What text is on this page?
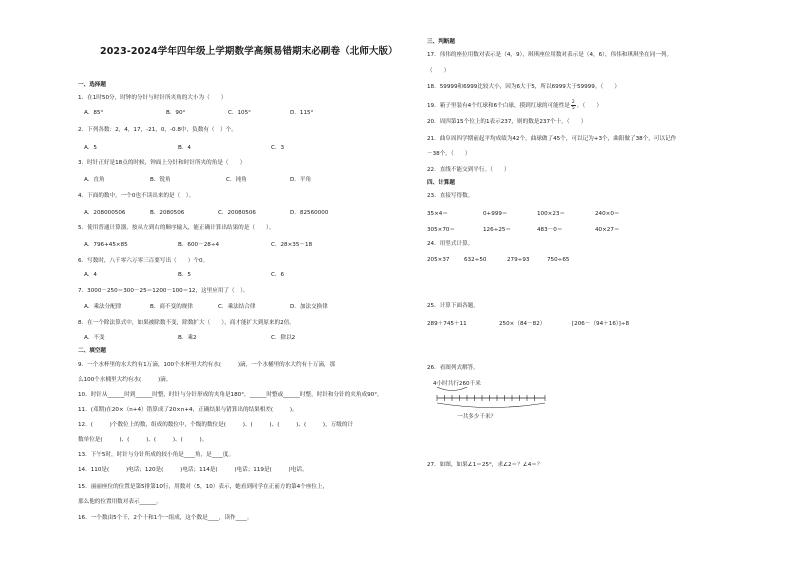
2023-2024学年四年级上学期数学高频易错期末必刷卷（北师大版）
一、选择题
1．在1时50分，时钟的分针与时针所夹角的大小为（　　）
A．85°	B．90°	C．105°	D．115°
2．下列各数：2，4，17，-21，0，-0.8中，负数有（　）个。
A．5	B．4	C．3
3．时针正好是18点的时候，钟面上分针和时针所夹的角是（　　）
A．直角	B．锐角	C．钝角	D．平角
4．下面的数中，一个0也不读出来的是（　）。
A．208000506	B．2080506	C．20080506	D．82560000
5．使用普通计算器，按从左到右的顺序输入，能正确计算出结果的是（　　）。
A．796+45×85	B．600－28÷4	C．28×35－18
6．写数时，八千零六万零三百要写出（　　）个0。
A．4	B．5	C．6
7．3000－250＝300－25＝1200－100＝12，这里应用了（　）。
A．乘法分配律	B．商不变的规律	C．乘法结合律	D．加法交换律
8．在一个除法算式中，如果被除数不变，除数扩大（　　），商才能扩大到原来的2倍。
A．不变	B．乘2	C．除以2
二、填空题
9．一个水杯里的水大约有1万滴，100个水杯里大约有水(　　　)滴，一个水桶里的水大约有十万滴，那
么100个水桶里大约有水(　　　)滴。
10．时针从______时到______时整，时针与分针形成的夹角是180°，______时整或______时整，时针和分针的夹角成90°。
11．(邓期)在20×（n+4）错算成了20×n+4，正确结果与错算出的结果相差(　　　)。
12．(　　　)个数位上的数，组成的数位中，个级的数位是(　　　)、(　　　)、(　　　)、(　　　)，万级的计
数单位是(　　　)、(　　　)、(　　　)、(　　　)。
13．下午5时，时针与分针所成的较小角是____角，是____度。
14．110是(　　　)电话；120是(　　　)电话；114是(　　　)电话；119是(　　　)电话。
15．丽丽座位的位置是第5排第10行，用数对（5，10）表示，她看到同学在正前方的第4个座位上，
那么他的位置用数对表示______。
16．一个数由5个千，2个十和1个一组成，这个数是____，读作____。
三、判断题
17．伟伟的座位用数对表示是（4，9），琪琪座位用数对表示是（4，6），伟伟和琪琪坐在同一列。
（　　）
18．59999和6999比较大小，因为6大于5，所以6999大于59999。（　　）
19．箱子里装有4个红球和6个白球，摸到红球的可能性是 $\frac{2}{5}$ 。（　　）
20．周四第15个位上的1表示237，则的数是237个十。（　　）
21．曲阜周四学期前起平均成绩为42个，曲球做了45个，可以记为+3个，曲阳做了38个，可以记作
－38个。（　　）
22．直线不能交到平行。（　　）
四、计算题
23．直接写得数。
35×4＝	0+999＝	100×23＝	240×0＝
305×70＝	126÷25＝	483－0＝	40×27＝
24．用竖式计算。
205×37	632÷50	279÷93	750÷65
25．计算下面各题。
289＋745＋11	250×（84－82）	[206－（94＋16）]÷8
26．看图列式解答。
4小时共行260千米
一共多少千米？
27．如图，如果∠1＝25°，求∠2＝？∠4＝？
